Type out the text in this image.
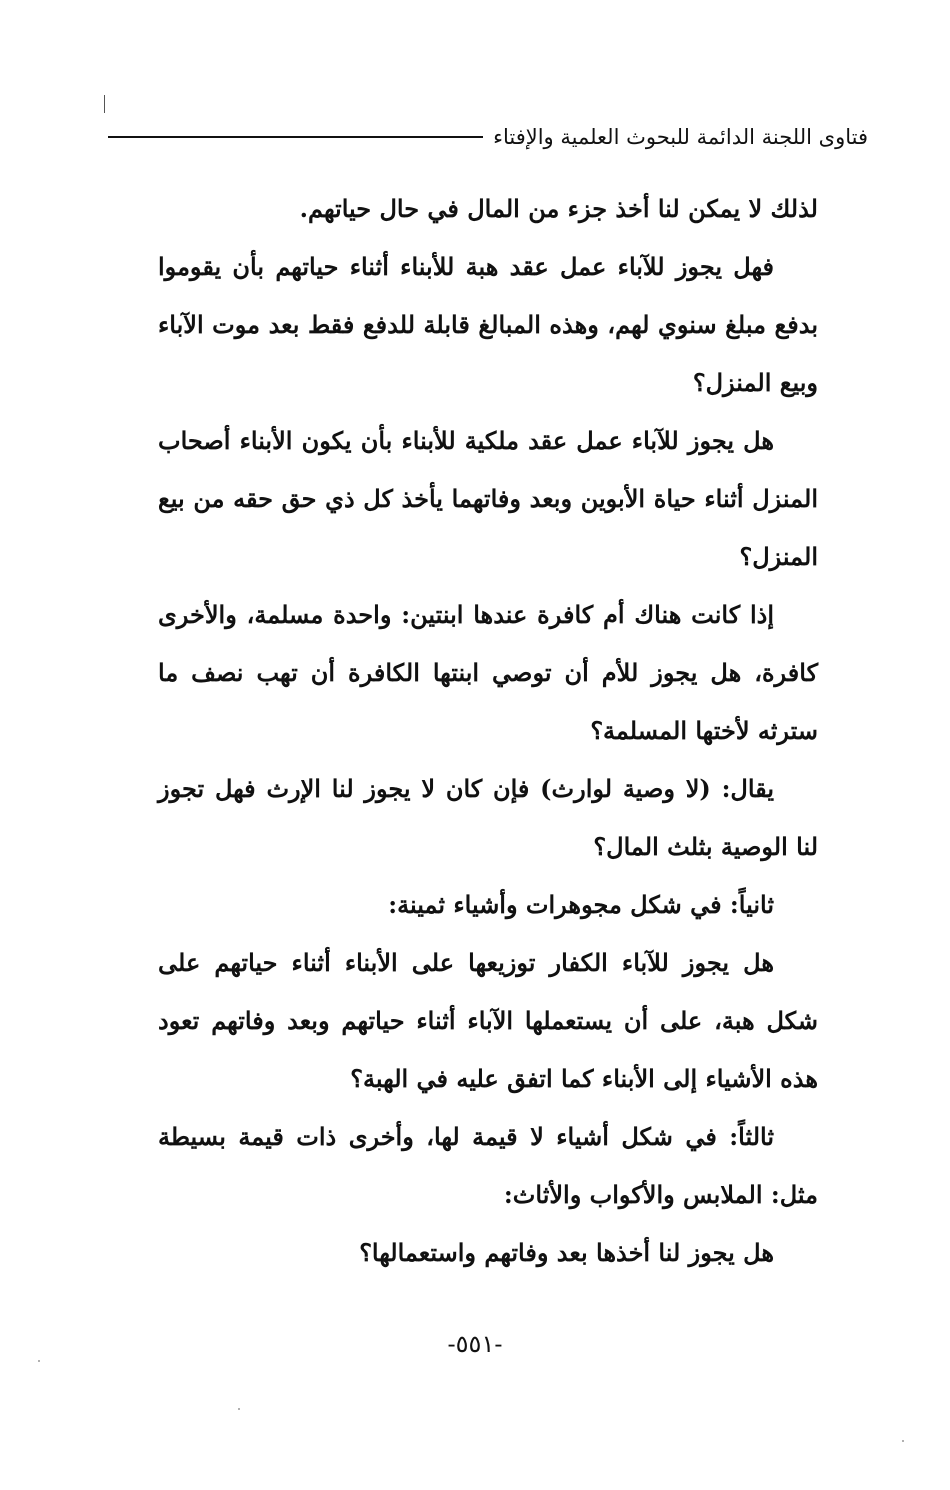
فتاوى اللجنة الدائمة للبحوث العلمية والإفتاء

لذلك لا يمكن لنا أخذ جزء من المال في حال حياتهم.

فهل يجوز للآباء عمل عقد هبة للأبناء أثناء حياتهم بأن يقوموا بدفع مبلغ سنوي لهم، وهذه المبالغ قابلة للدفع فقط بعد موت الآباء وبيع المنزل؟

هل يجوز للآباء عمل عقد ملكية للأبناء بأن يكون الأبناء أصحاب المنزل أثناء حياة الأبوين وبعد وفاتهما يأخذ كل ذي حق حقه من بيع المنزل؟

إذا كانت هناك أم كافرة عندها ابنتين: واحدة مسلمة، والأخرى كافرة، هل يجوز للأم أن توصي ابنتها الكافرة أن تهب نصف ما سترثه لأختها المسلمة؟

يقال: (لا وصية لوارث) فإن كان لا يجوز لنا الإرث فهل تجوز لنا الوصية بثلث المال؟

ثانياً: في شكل مجوهرات وأشياء ثمينة:

هل يجوز للآباء الكفار توزيعها على الأبناء أثناء حياتهم على شكل هبة، على أن يستعملها الآباء أثناء حياتهم وبعد وفاتهم تعود هذه الأشياء إلى الأبناء كما اتفق عليه في الهبة؟

ثالثاً: في شكل أشياء لا قيمة لها، وأخرى ذات قيمة بسيطة مثل: الملابس والأكواب والأثاث:

هل يجوز لنا أخذها بعد وفاتهم واستعمالها؟

-٥٥١-
